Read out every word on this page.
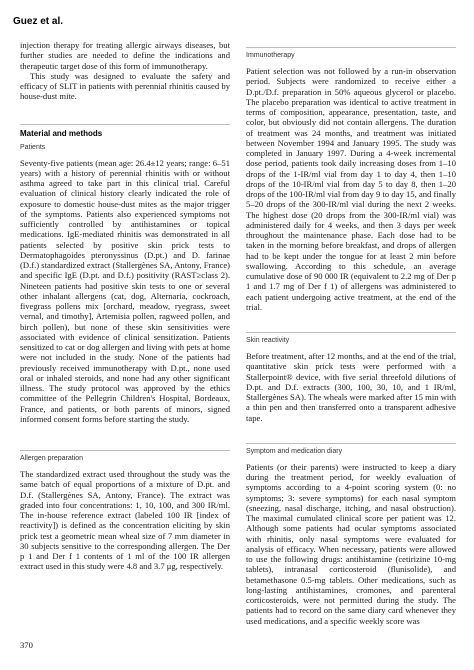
Guez et al.

injection therapy for treating allergic airways diseases, but further studies are needed to define the indications and therapeutic target dose of this form of immunotherapy.

This study was designed to evaluate the safety and efficacy of SLIT in patients with perennial rhinitis caused by house-dust mite.

Material and methods
Patients

Seventy-five patients (mean age: 26.4±12 years; range: 6–51 years) with a history of perennial rhinitis with or without asthma agreed to take part in this clinical trial. Careful evaluation of clinical history clearly indicated the role of exposure to domestic house-dust mites as the major trigger of the symptoms. Patients also experienced symptoms not sufficiently controlled by antihistamines or topical medications. IgE-mediated rhinitis was demonstrated in all patients selected by positive skin prick tests to Dermatophagoides pteronyssinus (D.pt.) and D. farinae (D.f.) standardized extract (Stallergènes SA, Antony, France) and specific IgE (D.pt. and D.f.) positivity (RAST≥class 2). Nineteen patients had positive skin tests to one or several other inhalant allergens (cat, dog, Alternaria, cockroach, fivegrass pollens mix [orchard, meadow, ryegrass, sweet vernal, and timothy], Artemisia pollen, ragweed pollen, and birch pollen), but none of these skin sensitivities were associated with evidence of clinical sensitization. Patients sensitized to cat or dog allergen and living with pets at home were not included in the study. None of the patients had previously received immunotherapy with D.pt., none used oral or inhaled steroids, and none had any other significant illness. The study protocol was approved by the ethics committee of the Pellegrin Children's Hospital, Bordeaux, France, and patients, or both parents of minors, signed informed consent forms before starting the study.

Allergen preparation

The standardized extract used throughout the study was the same batch of equal proportions of a mixture of D.pt. and D.f. (Stallergènes SA, Antony, France). The extract was graded into four concentrations: 1, 10, 100, and 300 IR/ml. The in-house reference extract (labeled 100 IR [index of reactivity]) is defined as the concentration eliciting by skin prick test a geometric mean wheal size of 7 mm diameter in 30 subjects sensitive to the corresponding allergen. The Der p 1 and Der f 1 contents of 1 ml of the 100 IR allergen extract used in this study were 4.8 and 3.7 μg, respectively.

Immunotherapy

Patient selection was not followed by a run-in observation period. Subjects were randomized to receive either a D.pt./D.f. preparation in 50% aqueous glycerol or placebo. The placebo preparation was identical to active treatment in terms of composition, appearance, presentation, taste, and color, but obviously did not contain allergens. The duration of treatment was 24 months, and treatment was initiated between November 1994 and January 1995. The study was completed in January 1997. During a 4-week incremental dose period, patients took daily increasing doses from 1–10 drops of the 1-IR/ml vial from day 1 to day 4, then 1–10 drops of the 10-IR/ml vial from day 5 to day 8, then 1–20 drops of the 100-IR/ml vial from day 9 to day 15, and finally 5–20 drops of the 300-IR/ml vial during the next 2 weeks. The highest dose (20 drops from the 300-IR/ml vial) was administered daily for 4 weeks, and then 3 days per week throughout the maintenance phase. Each dose had to be taken in the morning before breakfast, and drops of allergen had to be kept under the tongue for at least 2 min before swallowing. According to this schedule, an average cumulative dose of 90 000 IR (equivalent to 2.2 mg of Der p 1 and 1.7 mg of Der f 1) of allergens was administered to each patient undergoing active treatment, at the end of the trial.

Skin reactivity

Before treatment, after 12 months, and at the end of the trial, quantitative skin prick tests were performed with a Stallerpoint® device, with five serial threefold dilutions of D.pt. and D.f. extracts (300, 100, 30, 10, and 1 IR/ml, Stallergènes SA). The wheals were marked after 15 min with a thin pen and then transferred onto a transparent adhesive tape.

Symptom and medication diary

Patients (or their parents) were instructed to keep a diary during the treatment period, for weekly evaluation of symptoms according to a 4-point scoring system (0: no symptoms; 3: severe symptoms) for each nasal symptom (sneezing, nasal discharge, itching, and nasal obstruction). The maximal cumulated clinical score per patient was 12. Although some patients had ocular symptoms associated with rhinitis, only nasal symptoms were evaluated for analysis of efficacy. When necessary, patients were allowed to use the following drugs: antihistamine (cetirizine 10-mg tablets), intranasal corticosteroid (flunisolide), and betamethasone 0.5-mg tablets. Other medications, such as long-lasting antihistamines, cromones, and parenteral corticosteroids, were not permitted during the study. The patients had to record on the same diary card whenever they used medications, and a specific weekly score was

370
